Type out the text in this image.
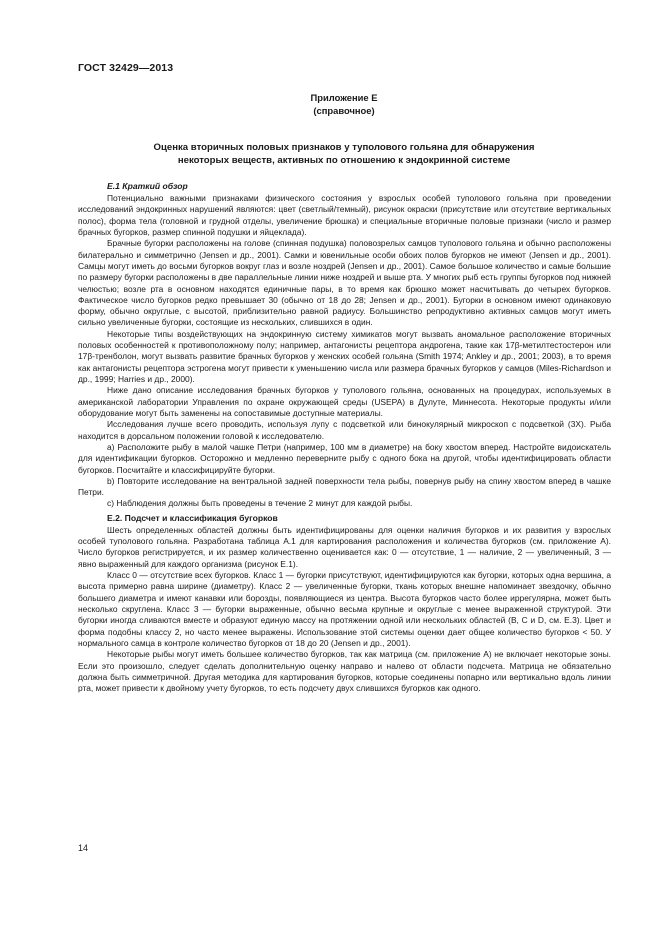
ГОСТ 32429—2013
Приложение Е
(справочное)
Оценка вторичных половых признаков у туполового гольяна для обнаружения
некоторых веществ, активных по отношению к эндокринной системе
Е.1 Краткий обзор

Потенциально важными признаками физического состояния у взрослых особей туполового гольяна при проведении исследований эндокринных нарушений являются: цвет (светлый/темный), рисунок окраски (присутствие или отсутствие вертикальных полос), форма тела (головной и грудной отделы, увеличение брюшка) и специальные вторичные половые признаки (число и размер брачных бугорков, размер спинной подушки и яйцеклада).

Брачные бугорки расположены на голове (спинная подушка) половозрелых самцов туполового гольяна и обычно расположены билатерально и симметрично (Jensen и др., 2001). Самки и ювенильные особи обоих полов бугорков не имеют (Jensen и др., 2001). Самцы могут иметь до восьми бугорков вокруг глаз и возле ноздрей (Jensen и др., 2001). Самое большое количество и самые большие по размеру бугорки расположены в две параллельные линии ниже ноздрей и выше рта. У многих рыб есть группы бугорков под нижней челюстью; возле рта в основном находятся единичные пары, в то время как брюшко может насчитывать до четырех бугорков. Фактическое число бугорков редко превышает 30 (обычно от 18 до 28; Jensen и др., 2001). Бугорки в основном имеют одинаковую форму, обычно округлые, с высотой, приблизительно равной радиусу. Большинство репродуктивно активных самцов могут иметь сильно увеличенные бугорки, состоящие из нескольких, слившихся в один.

Некоторые типы воздействующих на эндокринную систему химикатов могут вызвать аномальное расположение вторичных половых особенностей к противоположному полу; например, антагонисты рецептора андрогена, такие как 17β-метилтестостерон или 17β-тренболон, могут вызвать развитие брачных бугорков у женских особей гольяна (Smith 1974; Ankley и др., 2001; 2003), в то время как антагонисты рецептора эстрогена могут привести к уменьшению числа или размера брачных бугорков у самцов (Miles-Richardson и др., 1999; Harries и др., 2000).

Ниже дано описание исследования брачных бугорков у туполового гольяна, основанных на процедурах, используемых в американской лаборатории Управления по охране окружающей среды (USEPA) в Дулуте, Миннесота. Некоторые продукты и/или оборудование могут быть заменены на сопоставимые доступные материалы.

Исследования лучше всего проводить, используя лупу с подсветкой или бинокулярный микроскоп с подсветкой (3X). Рыба находится в дорсальном положении головой к исследователю.

a) Расположите рыбу в малой чашке Петри (например, 100 мм в диаметре) на боку хвостом вперед. Настройте видоискатель для идентификации бугорков. Осторожно и медленно переверните рыбу с одного бока на другой, чтобы идентифицировать области бугорков. Посчитайте и классифицируйте бугорки.

b) Повторите исследование на вентральной задней поверхности тела рыбы, повернув рыбу на спину хвостом вперед в чашке Петри.

c) Наблюдения должны быть проведены в течение 2 минут для каждой рыбы.

Е.2. Подсчет и классификация бугорков

Шесть определенных областей должны быть идентифицированы для оценки наличия бугорков и их развития у взрослых особей туполового гольяна. Разработана таблица А.1 для картирования расположения и количества бугорков (см. приложение А). Число бугорков регистрируется, и их размер количественно оценивается как: 0 — отсутствие, 1 — наличие, 2 — увеличенный, 3 — явно выраженный для каждого организма (рисунок Е.1).

Класс 0 — отсутствие всех бугорков. Класс 1 — бугорки присутствуют, идентифицируются как бугорки, которых одна вершина, а высота примерно равна ширине (диаметру). Класс 2 — увеличенные бугорки, ткань которых внешне напоминает звездочку, обычно большего диаметра и имеют канавки или борозды, появляющиеся из центра. Высота бугорков часто более иррегулярна, может быть несколько скруглена. Класс 3 — бугорки выраженные, обычно весьма крупные и округлые с менее выраженной структурой. Эти бугорки иногда сливаются вместе и образуют единую массу на протяжении одной или нескольких областей (B, C и D, см. Е.3). Цвет и форма подобны классу 2, но часто менее выражены. Использование этой системы оценки дает общее количество бугорков < 50. У нормального самца в контроле количество бугорков от 18 до 20 (Jensen и др., 2001).

Некоторые рыбы могут иметь большее количество бугорков, так как матрица (см. приложение А) не включает некоторые зоны. Если это произошло, следует сделать дополнительную оценку направо и налево от области подсчета. Матрица не обязательно должна быть симметричной. Другая методика для картирования бугорков, которые соединены попарно или вертикально вдоль линии рта, может привести к двойному учету бугорков, то есть подсчету двух слившихся бугорков как одного.

14
